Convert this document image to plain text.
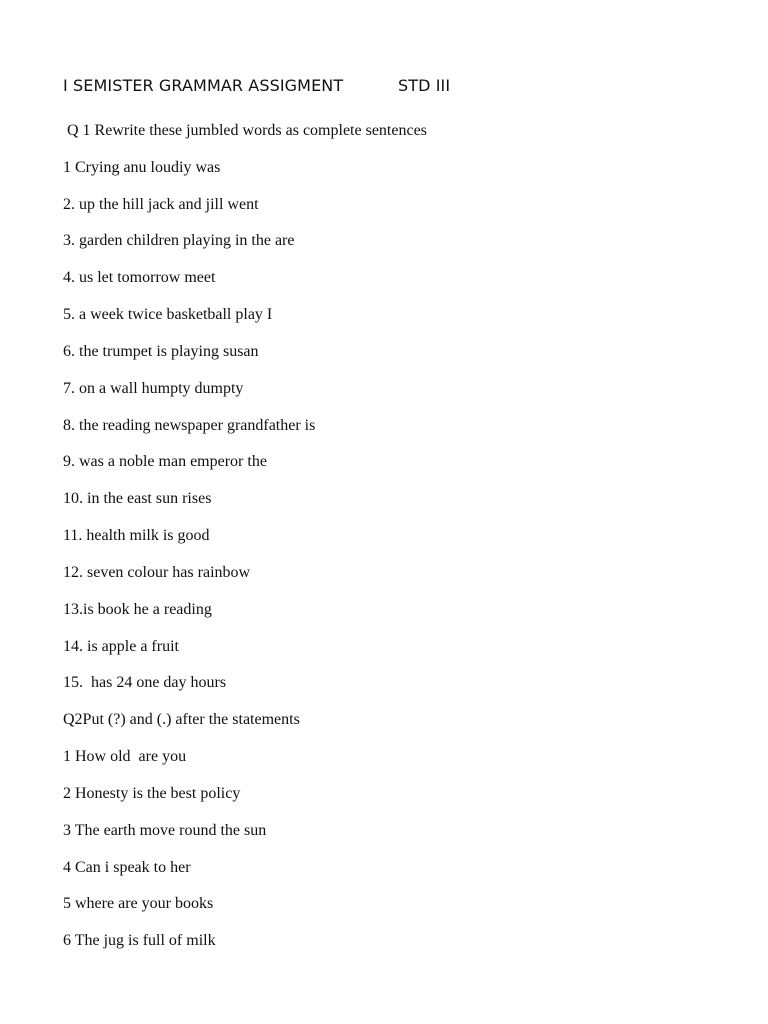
I SEMISTER GRAMMAR ASSIGMENT	STD III
Q 1 Rewrite these jumbled words as complete sentences
1 Crying anu loudiy was
2. up the hill jack and jill went
3. garden children playing in the are
4. us let tomorrow meet
5. a week twice basketball play I
6. the trumpet is playing susan
7. on a wall humpty dumpty
8. the reading newspaper grandfather is
9. was a noble man emperor the
10. in the east sun rises
11. health milk is good
12. seven colour has rainbow
13.is book he a reading
14. is apple a fruit
15.  has 24 one day hours
Q2Put (?) and (.) after the statements
1 How old  are you
2 Honesty is the best policy
3 The earth move round the sun
4 Can i speak to her
5 where are your books
6 The jug is full of milk
